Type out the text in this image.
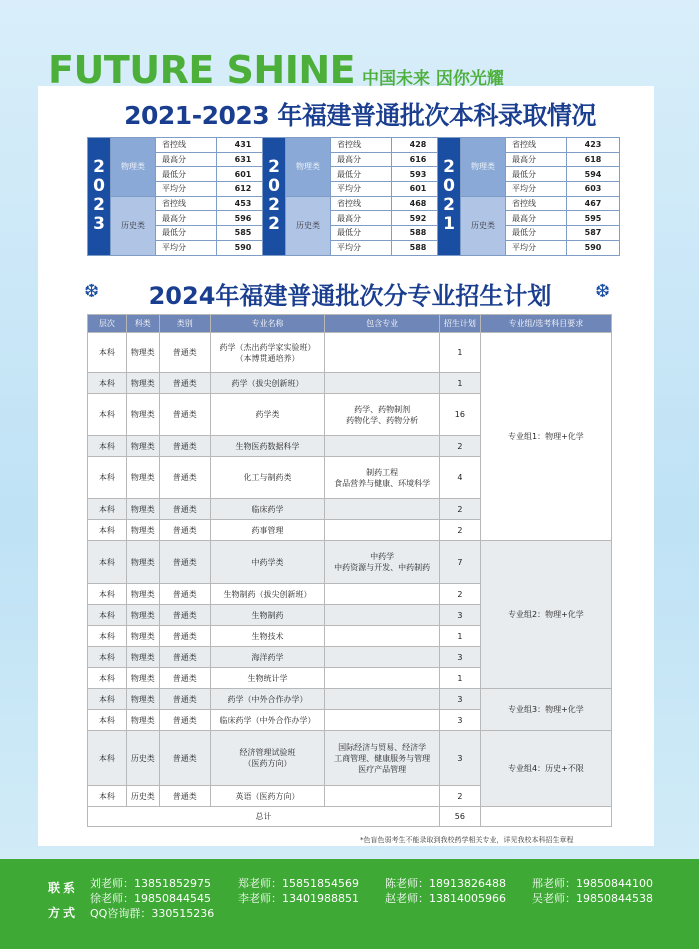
FUTURE SHINE 中国未来 因你光耀
2021-2023 年福建普通批次本科录取情况
2
0
2
3	物理类	省控线	431
		最高分	631
		最低分	601
		平均分	612
	历史类	省控线	453
		最高分	596
		最低分	585
		平均分	590
2
0
2
2	物理类	省控线	428
		最高分	616
		最低分	593
		平均分	601
	历史类	省控线	468
		最高分	592
		最低分	588
		平均分	588
2
0
2
1	物理类	省控线	423
		最高分	618
		最低分	594
		平均分	603
	历史类	省控线	467
		最高分	595
		最低分	587
		平均分	590
❆	2024年福建普通批次分专业招生计划	❆
层次	科类	类别	专业名称	包含专业	招生计划	专业组/选考科目要求
本科	物理类	普通类	药学（杰出药学家实验班）
（本博贯通培养）		1	专业组1：物理+化学
本科	物理类	普通类	药学（拔尖创新班）		1	
本科	物理类	普通类	药学类	药学、药物制剂
药物化学、药物分析	16	
本科	物理类	普通类	生物医药数据科学		2	
本科	物理类	普通类	化工与制药类	制药工程
食品营养与健康、环境科学	4	
本科	物理类	普通类	临床药学		2	
本科	物理类	普通类	药事管理		2	
本科	物理类	普通类	中药学类	中药学
中药资源与开发、中药制药	7	专业组2：物理+化学
本科	物理类	普通类	生物制药（拔尖创新班）		2	
本科	物理类	普通类	生物制药		3	
本科	物理类	普通类	生物技术		1	
本科	物理类	普通类	海洋药学		3	
本科	物理类	普通类	生物统计学		1	
本科	物理类	普通类	药学（中外合作办学）		3	专业组3：物理+化学
本科	物理类	普通类	临床药学（中外合作办学）		3	
本科	历史类	普通类	经济管理试验班
（医药方向）	国际经济与贸易、经济学
工商管理、健康服务与管理
医疗产品管理	3	专业组4：历史+不限
本科	历史类	普通类	英语（医药方向）		2	
总计					56	
*色盲色弱考生不能录取到我校药学相关专业，详见我校本科招生章程
联系
方式
刘老师：13851852975 郑老师：15851854569 陈老师：18913826488 邢老师：19850844100
徐老师：19850844545 李老师：13401988851 赵老师：13814005966 吴老师：19850844538
QQ咨询群：330515236
